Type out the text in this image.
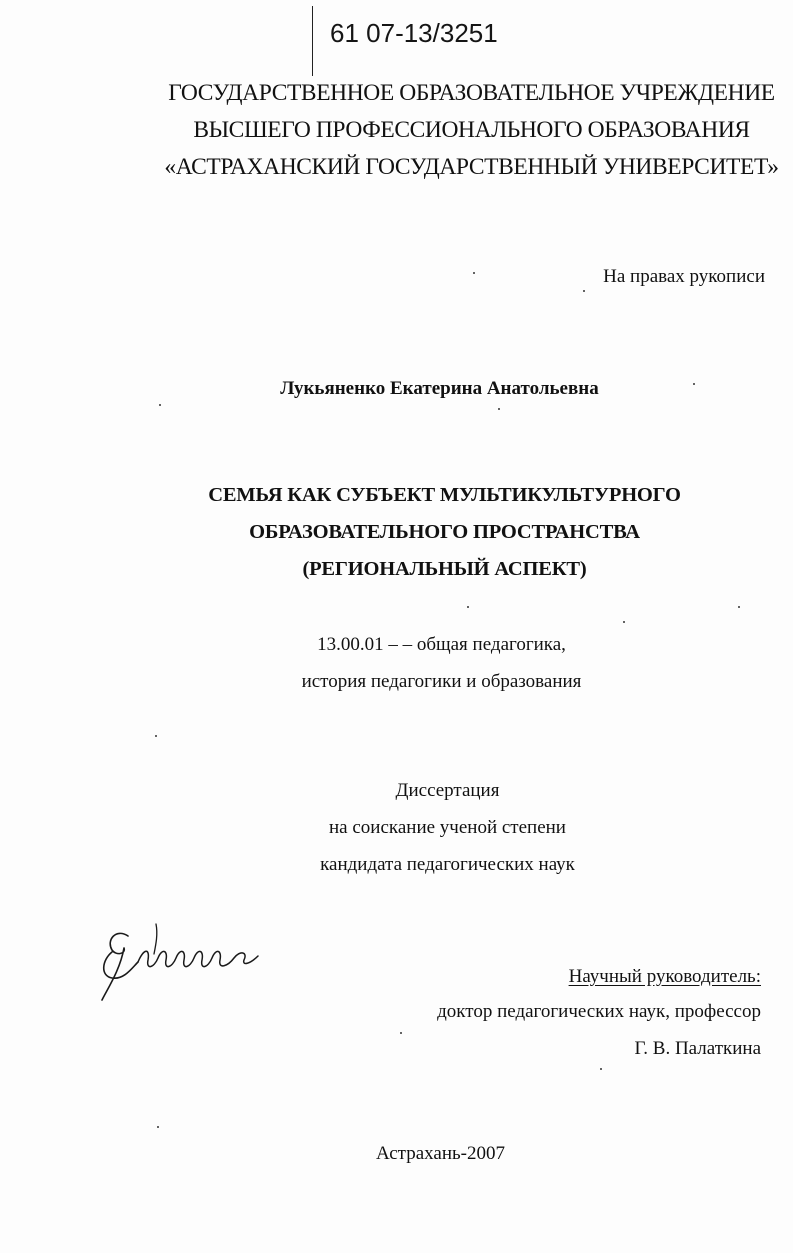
61 07-13/3251
ГОСУДАРСТВЕННОЕ ОБРАЗОВАТЕЛЬНОЕ УЧРЕЖДЕНИЕ
ВЫСШЕГО ПРОФЕССИОНАЛЬНОГО ОБРАЗОВАНИЯ
«АСТРАХАНСКИЙ ГОСУДАРСТВЕННЫЙ УНИВЕРСИТЕТ»
На правах рукописи
Лукьяненко Екатерина Анатольевна
СЕМЬЯ КАК СУБЪЕКТ МУЛЬТИКУЛЬТУРНОГО
ОБРАЗОВАТЕЛЬНОГО ПРОСТРАНСТВА
(РЕГИОНАЛЬНЫЙ АСПЕКТ)
13.00.01 – – общая педагогика,
история педагогики и образования
Диссертация
на соискание ученой степени
кандидата педагогических наук
Научный руководитель:
доктор педагогических наук, профессор
Г. В. Палаткина
Астрахань-2007
